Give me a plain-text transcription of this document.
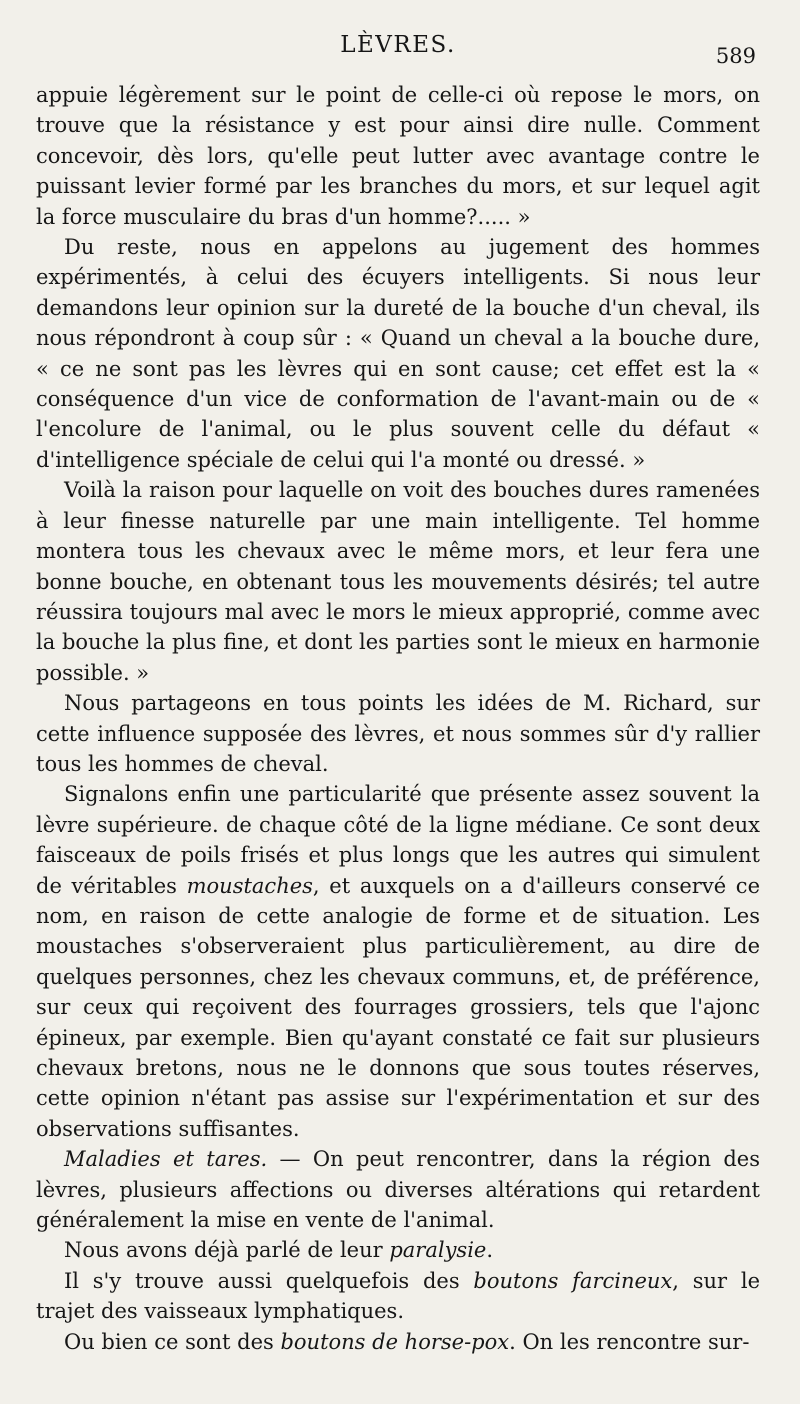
LÈVRES.	589

appuie légèrement sur le point de celle-ci où repose le mors, on trouve que la résistance y est pour ainsi dire nulle. Comment concevoir, dès lors, qu'elle peut lutter avec avantage contre le puissant levier formé par les branches du mors, et sur lequel agit la force musculaire du bras d'un homme?..... »

Du reste, nous en appelons au jugement des hommes expérimentés, à celui des écuyers intelligents. Si nous leur demandons leur opinion sur la dureté de la bouche d'un cheval, ils nous répondront à coup sûr : « Quand un cheval a la bouche dure, « ce ne sont pas les lèvres qui en sont cause; cet effet est la « conséquence d'un vice de conformation de l'avant-main ou de « l'encolure de l'animal, ou le plus souvent celle du défaut « d'intelligence spéciale de celui qui l'a monté ou dressé. »

Voilà la raison pour laquelle on voit des bouches dures ramenées à leur finesse naturelle par une main intelligente. Tel homme montera tous les chevaux avec le même mors, et leur fera une bonne bouche, en obtenant tous les mouvements désirés; tel autre réussira toujours mal avec le mors le mieux approprié, comme avec la bouche la plus fine, et dont les parties sont le mieux en harmonie possible. »

Nous partageons en tous points les idées de M. Richard, sur cette influence supposée des lèvres, et nous sommes sûr d'y rallier tous les hommes de cheval.

Signalons enfin une particularité que présente assez souvent la lèvre supérieure. de chaque côté de la ligne médiane. Ce sont deux faisceaux de poils frisés et plus longs que les autres qui simulent de véritables moustaches, et auxquels on a d'ailleurs conservé ce nom, en raison de cette analogie de forme et de situation. Les moustaches s'observeraient plus particulièrement, au dire de quelques personnes, chez les chevaux communs, et, de préférence, sur ceux qui reçoivent des fourrages grossiers, tels que l'ajonc épineux, par exemple. Bien qu'ayant constaté ce fait sur plusieurs chevaux bretons, nous ne le donnons que sous toutes réserves, cette opinion n'étant pas assise sur l'expérimentation et sur des observations suffisantes.

Maladies et tares. — On peut rencontrer, dans la région des lèvres, plusieurs affections ou diverses altérations qui retardent généralement la mise en vente de l'animal.

Nous avons déjà parlé de leur paralysie.

Il s'y trouve aussi quelquefois des boutons farcineux, sur le trajet des vaisseaux lymphatiques.

Ou bien ce sont des boutons de horse-pox. On les rencontre sur-
